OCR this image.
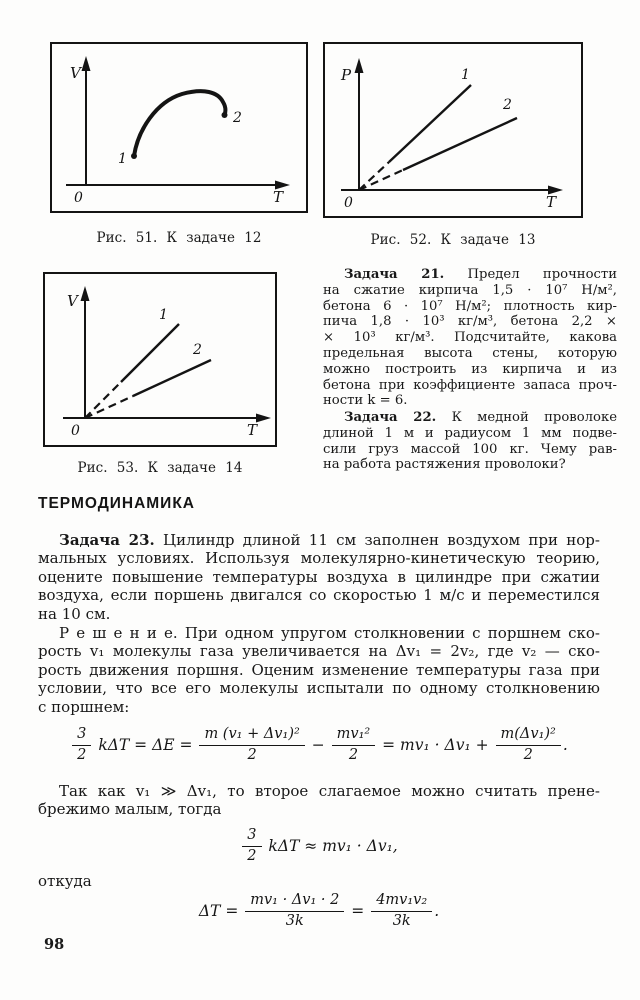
V
0	T
1
2
Рис. 51. К задаче 12
P
0	T
1
2
Рис. 52. К задаче 13
V
0	T
1
2
Рис. 53. К задаче 14
Задача 21. Предел прочности
на сжатие кирпича 1,5 · 10⁷ Н/м²,
бетона 6 · 10⁷ Н/м²; плотность кир-
пича 1,8 · 10³ кг/м³, бетона 2,2 ×
× 10³ кг/м³. Подсчитайте, какова
предельная высота стены, которую
можно построить из кирпича и из
бетона при коэффициенте запаса проч-
ности k = 6.
Задача 22. К медной проволоке
длиной 1 м и радиусом 1 мм подве-
сили груз массой 100 кг. Чему рав-
на работа растяжения проволоки?
ТЕРМОДИНАМИКА
Задача 23. Цилиндр длиной 11 см заполнен воздухом при нор-
мальных условиях. Используя молекулярно-кинетическую теорию,
оцените повышение температуры воздуха в цилиндре при сжатии
воздуха, если поршень двигался со скоростью 1 м/с и переместился
на 10 см.
Р е ш е н и е. При одном упругом столкновении с поршнем ско-
рость v₁ молекулы газа увеличивается на Δv₁ = 2v₂, где v₂ — ско-
рость движения поршня. Оценим изменение температуры газа при
условии, что все его молекулы испытали по одному столкновению
с поршнем:
$\frac{3}{2}$ $k\Delta T = \Delta E = \frac{\text{m (v₁ + Δv₁)²}}{2} - \frac{\text{mv₁²}}{2} = mv_1 \cdot \Delta v_1 + \frac{\text{m(Δv₁)²}}{2}$ .
Так как v₁ ≫ Δv₁, то второе слагаемое можно считать прене-
брежимо малым, тогда
$\frac{3}{2}$ kΔT ≈ mv₁ · Δv₁,
откуда
$\Delta T = \frac{\text{mv₁ · Δv₁ · 2}}{3k} = \frac{\text{4mv₁v₂}}{3k}$ .
98
